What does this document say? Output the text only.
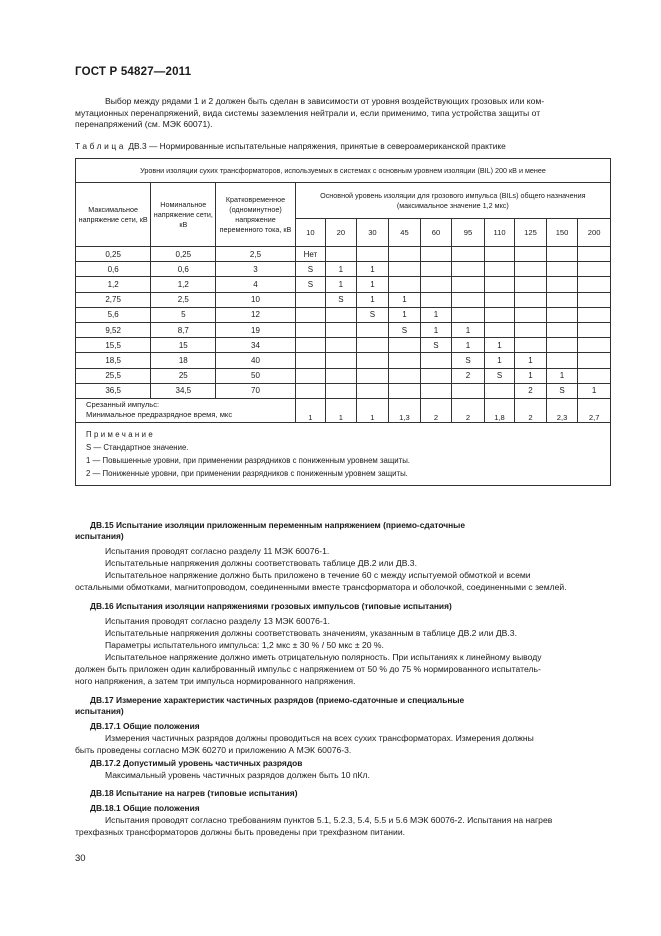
ГОСТ Р 54827—2011
Выбор между рядами 1 и 2 должен быть сделан в зависимости от уровня воздействующих грозовых или ком-
мутационных перенапряжений, вида системы заземления нейтрали и, если применимо, типа устройства защиты от
перенапряжений (см. МЭК 60071).
Таблица ДВ.3 — Нормированные испытательные напряжения, принятые в североамериканской практике
Уровни изоляции сухих трансформаторов, используемых в системах с основным уровнем изоляции (BIL) 200 кВ и менее												
Максимальное напряжение сети, кВ	Номинальное напряжение сети, кВ	Кратковременное (одноминутное) напряжение переменного тока, кВ	Основной уровень изоляции для грозового импульса (BILs) общего назначения (максимальное значение 1,2 мкс)									
			10	20	30	45	60	95	110	125	150	200
0,25	0,25	2,5	Нет									
0,6	0,6	3	S	1	1							
1,2	1,2	4	S	1	1							
2,75	2,5	10		S	1	1						
5,6	5	12			S	1	1					
9,52	8,7	19				S	1	1				
15,5	15	34					S	1	1			
18,5	18	40						S	1	1		
25,5	25	50						2	S	1	1	
36,5	34,5	70								2	S	1

Срезанный импульс:
Минимальное предразрядное время, мкс			1	1	1	1,3	2	2	1,8	2	2,3	2,7

Примечание
S — Стандартное значение.
1 — Повышенные уровни, при применении разрядников с пониженным уровнем защиты.
2 — Пониженные уровни, при применении разрядников с пониженным уровнем защиты.												
ДВ.15 Испытание изоляции приложенным переменным напряжением (приемо-сдаточные
испытания)
Испытания проводят согласно разделу 11 МЭК 60076-1.
Испытательные напряжения должны соответствовать таблице ДВ.2 или ДВ.3.
Испытательное напряжение должно быть приложено в течение 60 с между испытуемой обмоткой и всеми
остальными обмотками, магнитопроводом, соединенными вместе трансформатора и оболочкой, соединенными с землей.
ДВ.16 Испытания изоляции напряжениями грозовых импульсов (типовые испытания)
Испытания проводят согласно разделу 13 МЭК 60076-1.
Испытательные напряжения должны соответствовать значениям, указанным в таблице ДВ.2 или ДВ.3.
Параметры испытательного импульса: 1,2 мкс ± 30 % / 50 мкс ± 20 %.
Испытательное напряжение должно иметь отрицательную полярность. При испытаниях к линейному выводу
должен быть приложен один калиброванный импульс с напряжением от 50 % до 75 % нормированного испытатель-
ного напряжения, а затем три импульса нормированного напряжения.
ДВ.17 Измерение характеристик частичных разрядов (приемо-сдаточные и специальные
испытания)
ДВ.17.1 Общие положения
Измерения частичных разрядов должны проводиться на всех сухих трансформаторах. Измерения должны
быть проведены согласно МЭК 60270 и приложению А МЭК 60076-3.
ДВ.17.2 Допустимый уровень частичных разрядов
Максимальный уровень частичных разрядов должен быть 10 пКл.
ДВ.18 Испытание на нагрев (типовые испытания)
ДВ.18.1 Общие положения
Испытания проводят согласно требованиям пунктов 5.1, 5.2.3, 5.4, 5.5 и 5.6 МЭК 60076-2. Испытания на нагрев
трехфазных трансформаторов должны быть проведены при трехфазном питании.
30
